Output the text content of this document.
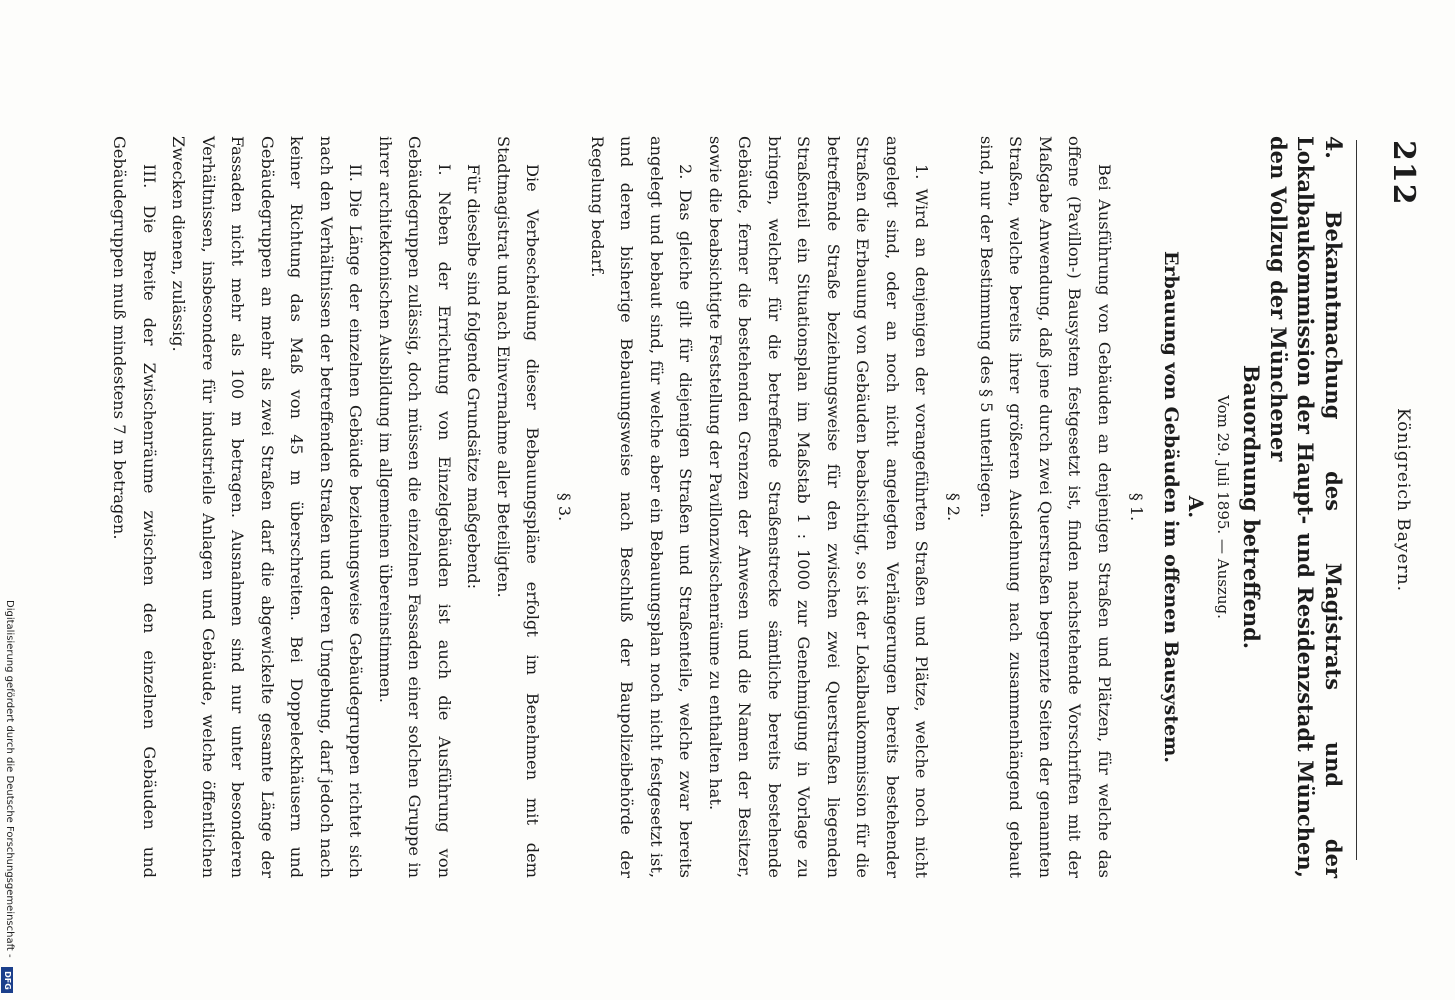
212
Königreich Bayern.

4. Bekanntmachung des Magistrats und der Lokalbaukommission der Haupt- und Residenzstadt München, den Vollzug der Münchener

Bauordnung betreffend.

Vom 29. Juli 1895. — Auszug.

A.

Erbauung von Gebäuden im offenen Bausystem.

§ 1.

Bei Ausführung von Gebäuden an denjenigen Straßen und Plätzen, für welche das offene (Pavillon-) Bausystem festgesetzt ist, finden nachstehende Vorschriften mit der Maßgabe Anwendung, daß jene durch zwei Querstraßen begrenzte Seiten der genannten Straßen, welche bereits ihrer größeren Ausdehnung nach zusammenhängend gebaut sind, nur der Bestimmung des § 5 unterliegen.

§ 2.

1. Wird an denjenigen der vorangeführten Straßen und Plätze, welche noch nicht angelegt sind, oder an noch nicht angelegten Verlängerungen bereits bestehender Straßen die Erbauung von Gebäuden beabsichtigt, so ist der Lokalbaukommission für die betreffende Straße beziehungsweise für den zwischen zwei Querstraßen liegenden Straßenteil ein Situationsplan im Maßstab 1 : 1000 zur Genehmigung in Vorlage zu bringen, welcher für die betreffende Straßenstrecke sämtliche bereits bestehende Gebäude, ferner die bestehenden Grenzen der Anwesen und die Namen der Besitzer, sowie die beabsichtigte Feststellung der Pavillonzwischenräume zu enthalten hat.

2. Das gleiche gilt für diejenigen Straßen und Straßenteile, welche zwar bereits angelegt und bebaut sind, für welche aber ein Bebauungsplan noch nicht festgesetzt ist, und deren bisherige Bebauungsweise nach Beschluß der Baupolizeibehörde der Regelung bedarf.

§ 3.

Die Verbescheidung dieser Bebauungspläne erfolgt im Benehmen mit dem Stadtmagistrat und nach Einvernahme aller Beteiligten.

Für dieselbe sind folgende Grundsätze maßgebend:

I. Neben der Errichtung von Einzelgebäuden ist auch die Ausführung von Gebäudegruppen zulässig, doch müssen die einzelnen Fassaden einer solchen Gruppe in ihrer architektonischen Ausbildung im allgemeinen übereinstimmen.

II. Die Länge der einzelnen Gebäude beziehungsweise Gebäudegruppen richtet sich nach den Verhältnissen der betreffenden Straßen und deren Umgebung, darf jedoch nach keiner Richtung das Maß von 45 m überschreiten. Bei Doppeleckhäusern und Gebäudegruppen an mehr als zwei Straßen darf die abgewickelte gesamte Länge der Fassaden nicht mehr als 100 m betragen. Ausnahmen sind nur unter besonderen Verhältnissen, insbesondere für industrielle Anlagen und Gebäude, welche öffentlichen Zwecken dienen, zulässig.

III. Die Breite der Zwischenräume zwischen den einzelnen Gebäuden und Gebäudegruppen muß mindestens 7 m betragen.

Digitalisierung gefördert durch die Deutsche Forschungsgemeinschaft -
DFG
